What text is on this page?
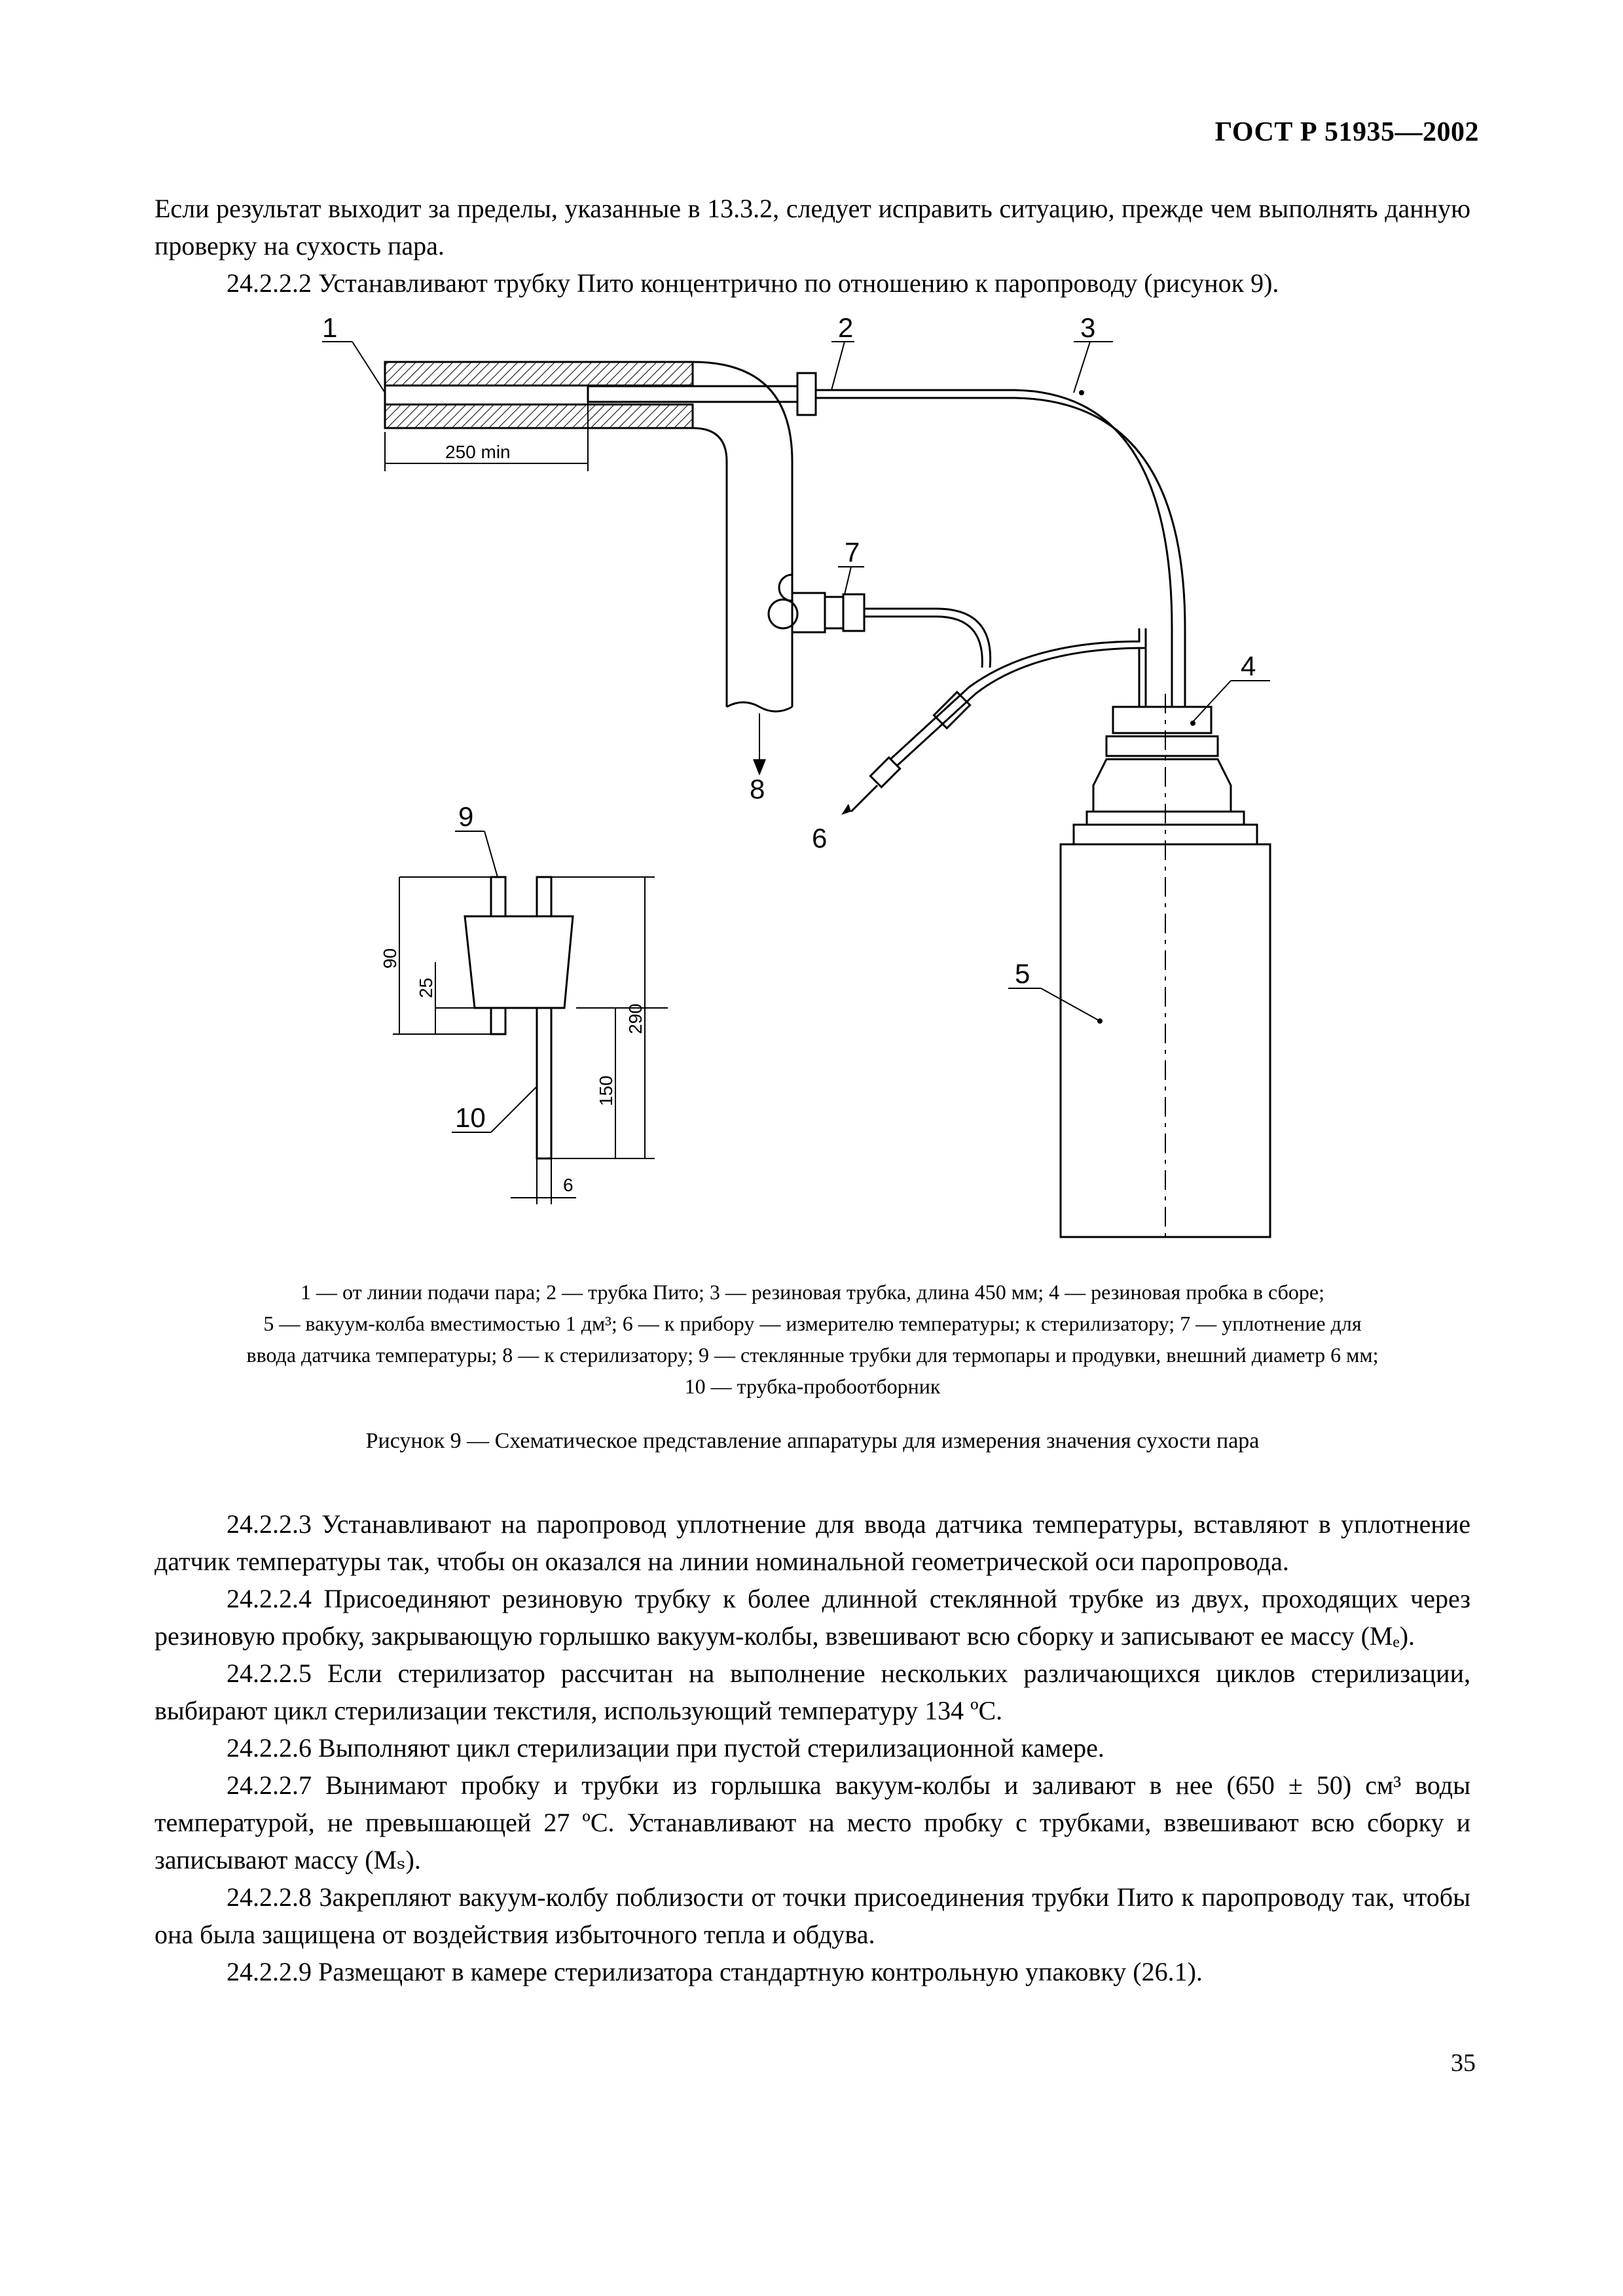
ГОСТ Р 51935—2002

Если результат выходит за пределы, указанные в 13.3.2, следует исправить ситуацию, прежде чем выполнять данную проверку на сухость пара.

24.2.2.2 Устанавливают трубку Пито концентрично по отношению к паропроводу (рисунок 9).

1	2	3
4
5
6
7
8
9
10
250 min
90
25
290
150
6

1 — от линии подачи пара; 2 — трубка Пито; 3 — резиновая трубка, длина 450 мм; 4 — резиновая пробка в сборе;

5 — вакуум-колба вместимостью 1 дм³; 6 — к прибору — измерителю температуры; к стерилизатору; 7 — уплотнение для

ввода датчика температуры; 8 — к стерилизатору; 9 — стеклянные трубки для термопары и продувки, внешний диаметр 6 мм;

10 — трубка-пробоотборник

Рисунок 9 — Схематическое представление аппаратуры для измерения значения сухости пара

24.2.2.3 Устанавливают на паропровод уплотнение для ввода датчика температуры, вставляют в уплотнение датчик температуры так, чтобы он оказался на линии номинальной геометрической оси паропровода.

24.2.2.4 Присоединяют резиновую трубку к более длинной стеклянной трубке из двух, проходящих через резиновую пробку, закрывающую горлышко вакуум-колбы, взвешивают всю сборку и записывают ее массу (Mₑ).

24.2.2.5 Если стерилизатор рассчитан на выполнение нескольких различающихся циклов стерилизации, выбирают цикл стерилизации текстиля, использующий температуру 134 ºС.

24.2.2.6 Выполняют цикл стерилизации при пустой стерилизационной камере.

24.2.2.7 Вынимают пробку и трубки из горлышка вакуум-колбы и заливают в нее (650 ± 50) см³ воды температурой, не превышающей 27 ºС. Устанавливают на место пробку с трубками, взвешивают всю сборку и записывают массу (Mₛ).

24.2.2.8 Закрепляют вакуум-колбу поблизости от точки присоединения трубки Пито к паропроводу так, чтобы она была защищена от воздействия избыточного тепла и обдува.

24.2.2.9 Размещают в камере стерилизатора стандартную контрольную упаковку (26.1).

35
